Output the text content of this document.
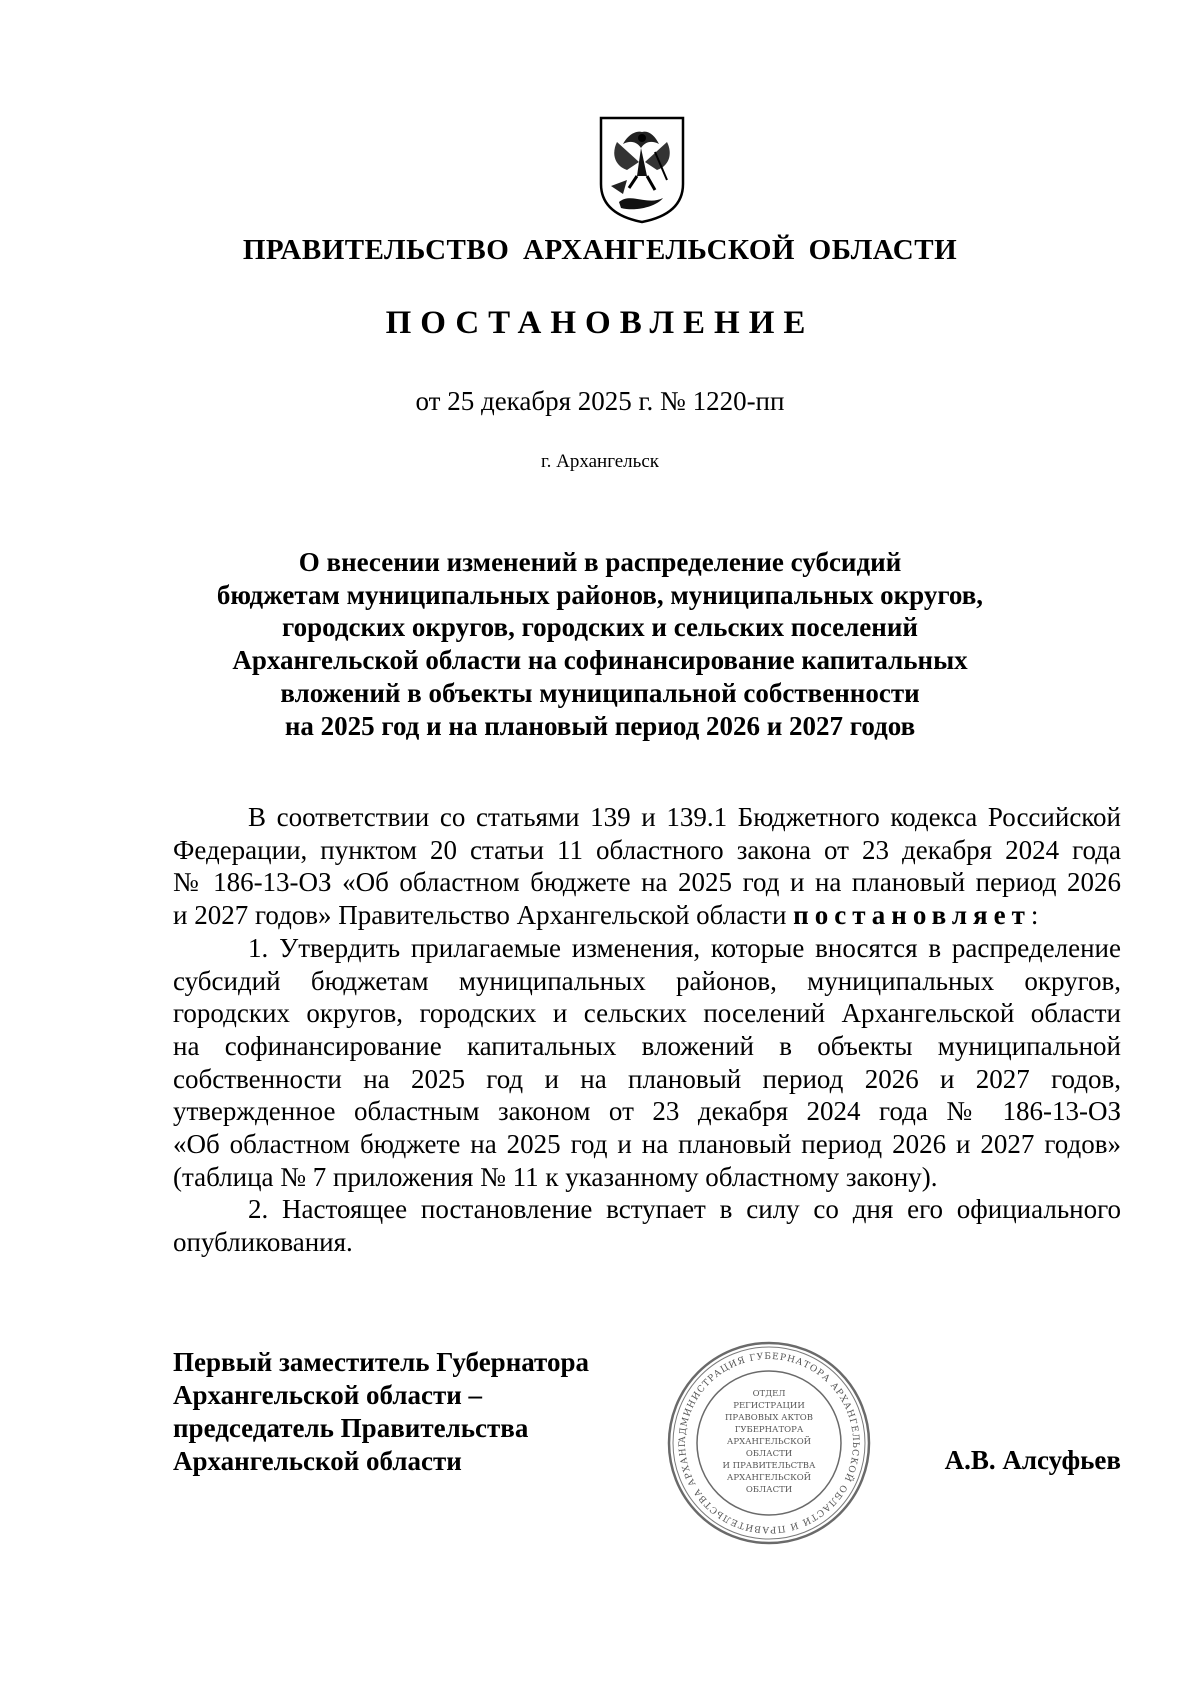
ПРАВИТЕЛЬСТВО АРХАНГЕЛЬСКОЙ ОБЛАСТИ
ПОСТАНОВЛЕНИЕ
от 25 декабря 2025 г. № 1220-пп
г. Архангельск
О внесении изменений в распределение субсидий
бюджетам муниципальных районов, муниципальных округов,
городских округов, городских и сельских поселений
Архангельской области на софинансирование капитальных
вложений в объекты муниципальной собственности
на 2025 год и на плановый период 2026 и 2027 годов
В соответствии со статьями 139 и 139.1 Бюджетного кодекса Российской
Федерации, пунктом 20 статьи 11 областного закона от 23 декабря 2024 года
№ 186-13-ОЗ «Об областном бюджете на 2025 год и на плановый период 2026
и 2027 годов» Правительство Архангельской области постановляет:
1. Утвердить прилагаемые изменения, которые вносятся в распределение
субсидий бюджетам муниципальных районов, муниципальных округов,
городских округов, городских и сельских поселений Архангельской области
на софинансирование капитальных вложений в объекты муниципальной
собственности на 2025 год и на плановый период 2026 и 2027 годов,
утвержденное областным законом от 23 декабря 2024 года № 186-13-ОЗ
«Об областном бюджете на 2025 год и на плановый период 2026 и 2027 годов»
(таблица № 7 приложения № 11 к указанному областному закону).
2. Настоящее постановление вступает в силу со дня его официального
опубликования.
Первый заместитель Губернатора
Архангельской области –
председатель Правительства
Архангельской области
АДМИНИСТРАЦИЯ ГУБЕРНАТОРА АРХАНГЕЛЬСКОЙ ОБЛАСТИ И ПРАВИТЕЛЬСТВА АРХАНГ
ОТДЕЛ
РЕГИСТРАЦИИ
ПРАВОВЫХ АКТОВ
ГУБЕРНАТОРА
АРХАНГЕЛЬСКОЙ
ОБЛАСТИ
И ПРАВИТЕЛЬСТВА
АРХАНГЕЛЬСКОЙ
ОБЛАСТИ
А.В. Алсуфьев
